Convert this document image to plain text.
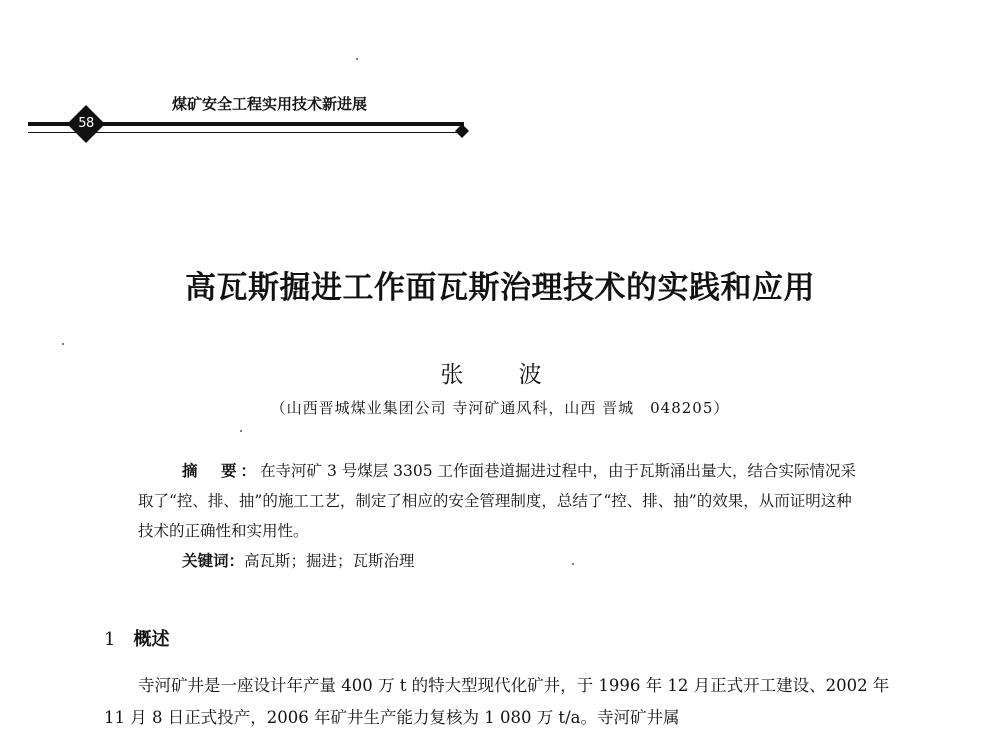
煤矿安全工程实用技术新进展
58
高瓦斯掘进工作面瓦斯治理技术的实践和应用
张 波
（山西晋城煤业集团公司 寺河矿通风科，山西 晋城　048205）

摘　要：在寺河矿 3 号煤层 3305 工作面巷道掘进过程中，由于瓦斯涌出量大，结合实际情况采取了“控、排、抽”的施工工艺，制定了相应的安全管理制度，总结了“控、排、抽”的效果，从而证明这种技术的正确性和实用性。

关键词：高瓦斯；掘进；瓦斯治理
1 概述

寺河矿井是一座设计年产量 400 万 t 的特大型现代化矿井，于 1996 年 12 月正式开工建设、2002 年 11 月 8 日正式投产，2006 年矿井生产能力复核为 1 080 万 t/a。寺河矿井属
